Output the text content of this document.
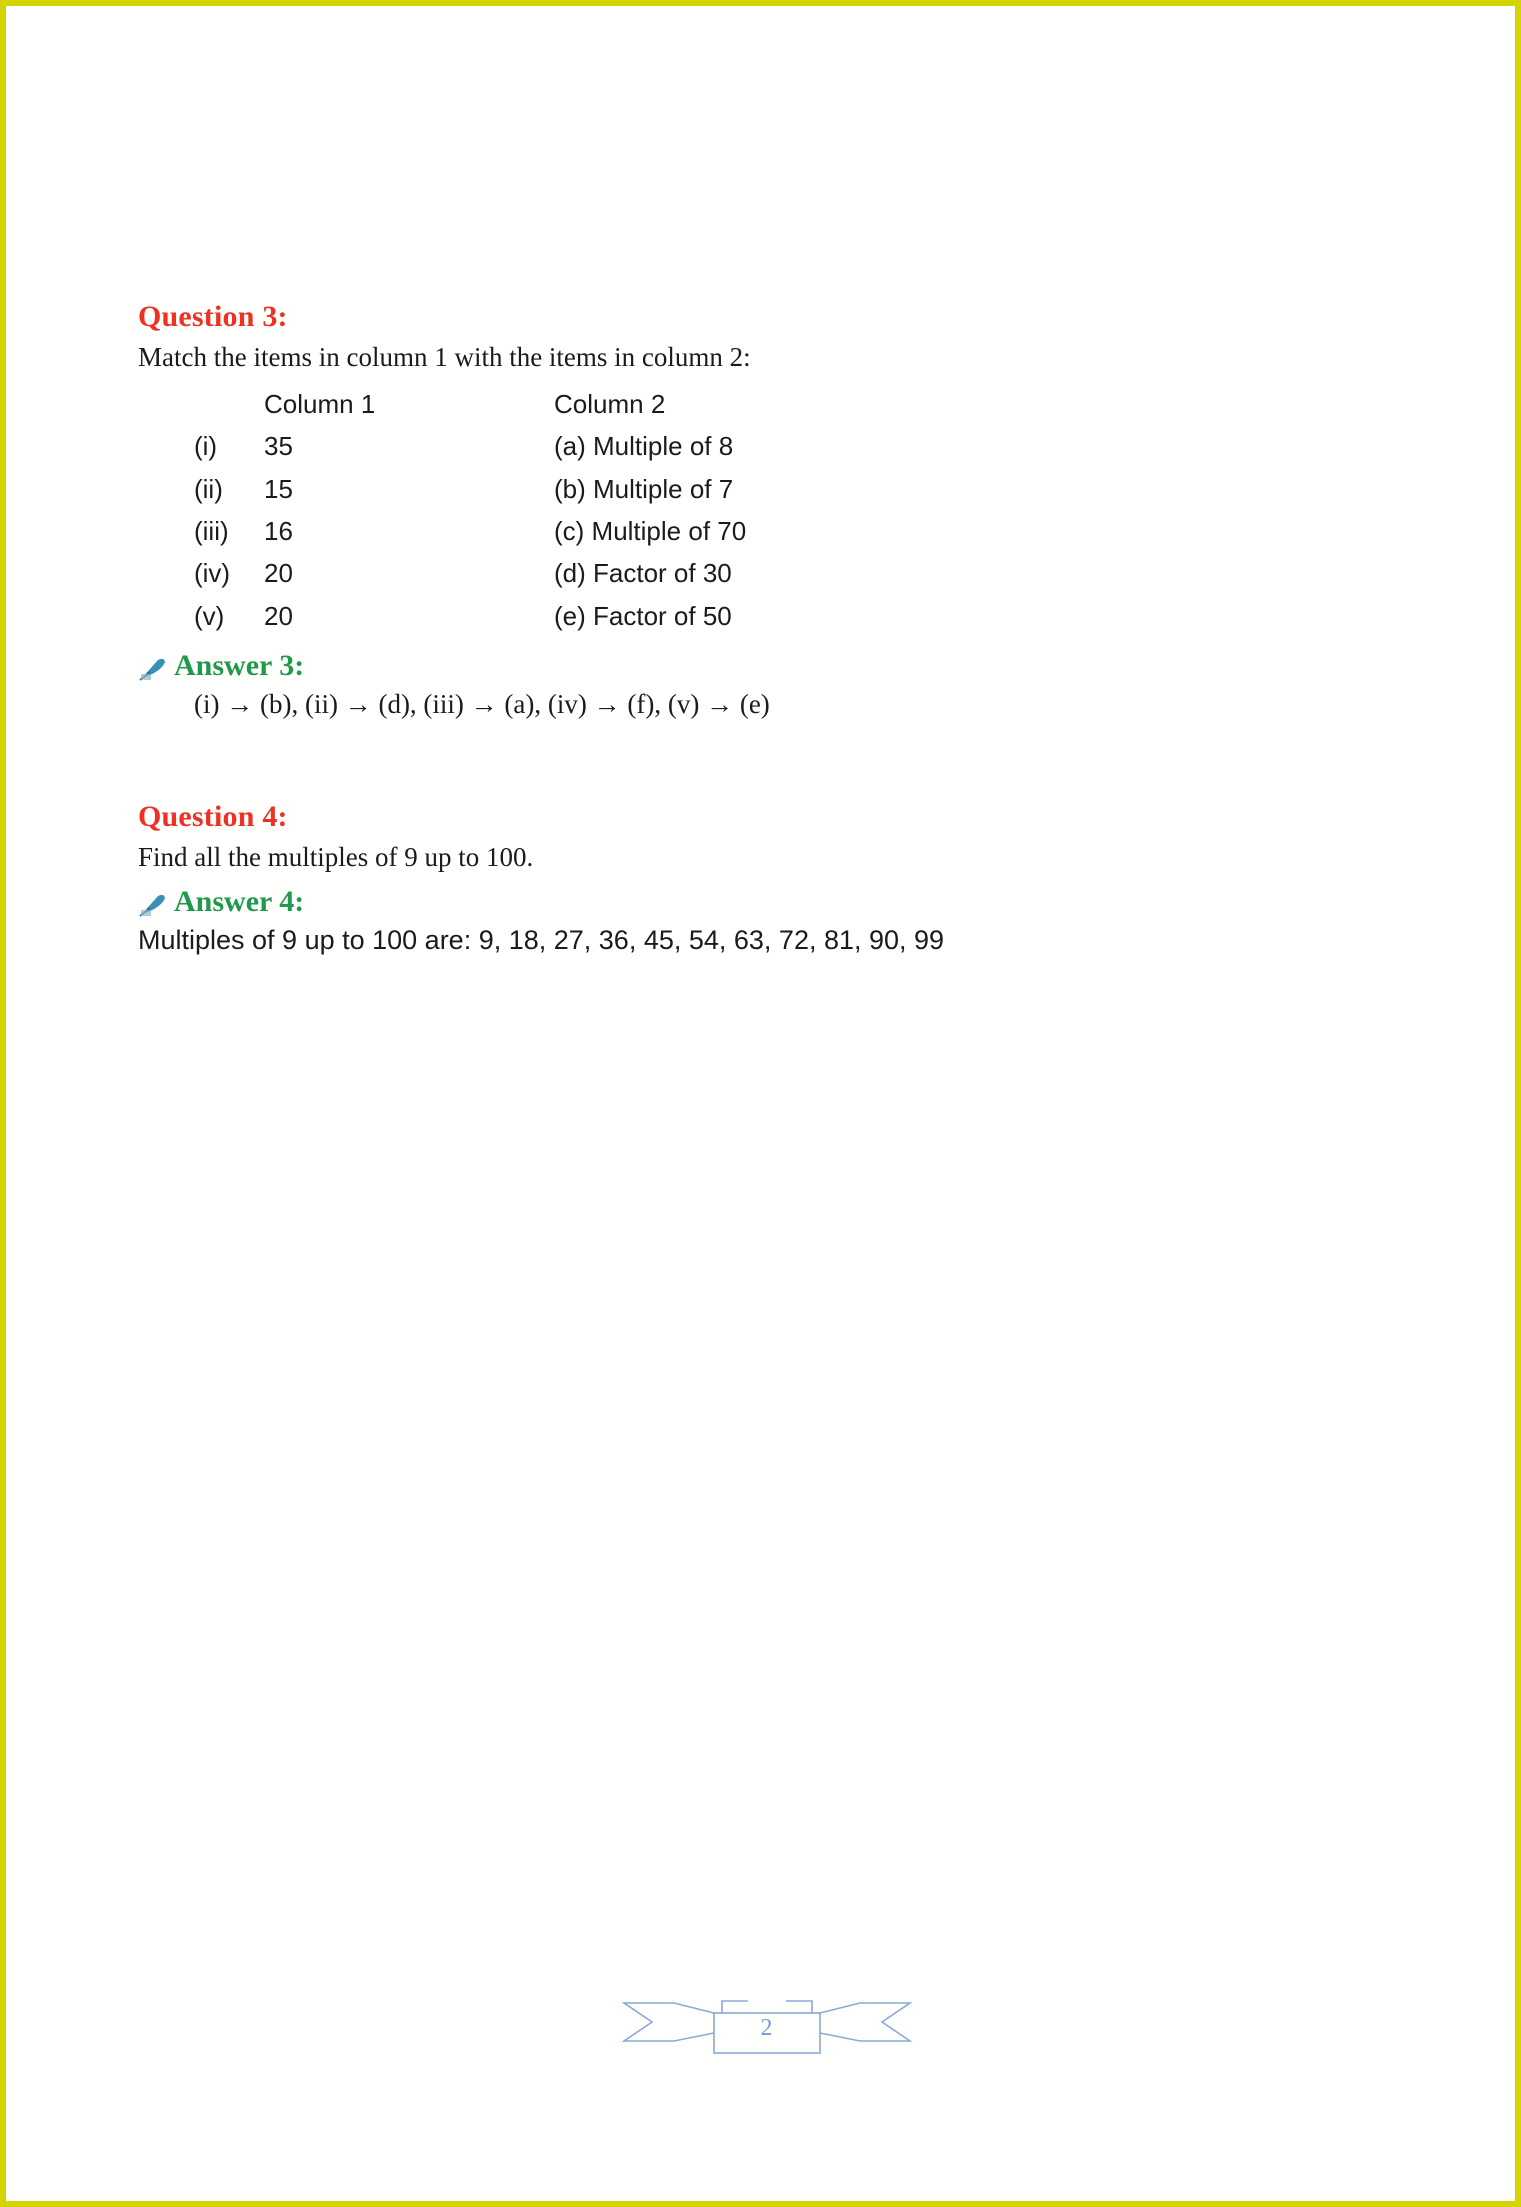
Question 3:
Match the items in column 1 with the items in column 2:
	Column 1	Column 2
(i)	35	(a) Multiple of 8
(ii)	15	(b) Multiple of 7
(iii)	16	(c) Multiple of 70
(iv)	20	(d) Factor of 30
(v)	20	(e) Factor of 50
Answer 3:
(i) → (b), (ii) → (d), (iii) → (a), (iv) → (f), (v) → (e)
Question 4:
Find all the multiples of 9 up to 100.
Answer 4:
Multiples of 9 up to 100 are: 9, 18, 27, 36, 45, 54, 63, 72, 81, 90, 99
2
